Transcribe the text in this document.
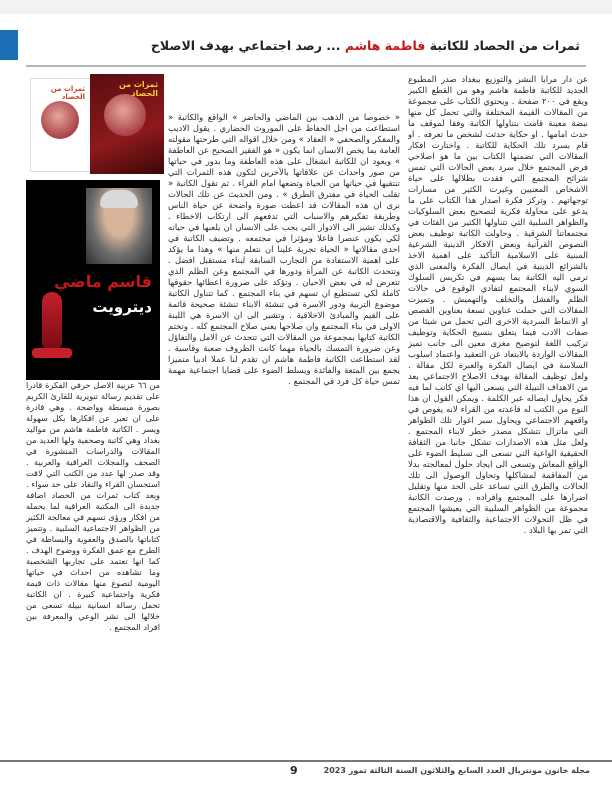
ثمرات من الحصاد للكاتبة فاطمة هاشم ... رصد اجتماعي بهدف الاصلاح

عن دار مرايا النشر والتوزيع ببغداد صدر المطبوع الجديد للكاتبة فاطمة هاشم وهو من القطع الكبير ويقع في ٢٠٠ صفحة . ويحتوي الكتاب على مجموعة من المقالات القيمة المختلفة والتي تحمل كل منها نبضة معينة قامت بتناولها الكاتبة وفقا لموقف ما حدث امامها . او حكاية حدثت لشخص ما تعرفه . او قام بسرد تلك الحكاية للكاتبة . واختارت افكار المقالات التي تضمنها الكتاب بين ما هو اصلاحي فرض المجتمع خلال سرد بعض الحالات التي تمس شرائح المجتمع التي فقدت بظلالها على حياة الاشخاص المعنيين وغيرت الكثير من مسارات توجهاتهم . وتركز فكرة اصدار هذا الكتاب على ما يدعو على محاولة فكرية لتصحيح بعض السلوكيات والظواهر السلبية التي تتناولها الكثير من الفئات في مجتمعاتنا الشرقية . وحاولت الكاتبة توظيف بعض النصوص القرآنية وبعض الافكار الدينية الشرعية المبنية على الاسلامية التأكيد على اهمية الاخذ بالشرائع الدينية في ايصال الفكرة والمعنى الذي ترمي اليه الكاتبة بما يسهم في تكريس السلوك السوي لابناء المجتمع لتفادي الوقوع في حالات الظلم والفشل والتخلف والتهميش . وتميزت المقالات التي حملت عناوين تسعة بعناوين القصص او الانماط السردية الاخرى التي تحمل من شيئا من صفات الادب فيما يتعلق بنسيج الحكاية وتوظيف تركيب اللغة لتوضيح مغزى معين الى جانب تميز المقالات الواردة بالابتعاد عن التعقيد واعتماد اسلوب السلاسة في ايصال الفكرة والعبرة لكل مقالة . ولعل توظيف المقالة بهدف الاصلاح الاجتماعي يعد من الاهداف النبيلة التي يسعى اليها اي كاتب لما فيه فكر يحاول ايصاله عبر الكلمة . ويمكن القول ان هذا النوع من الكتب له قاعدته من القراء لانه يغوص في واقعهم الاجتماعي ويحاول سبر اغوار تلك الظواهر التي ماتزال تتشكل مصدر خطر لابناء المجتمع . ولعل مثل هذه الاصدارات تشكل جانبا من الثقافة الحقيقية الواعية التي تسعى الى تسليط الضوء على الواقع المعاش وتسعى الى ايجاد حلول لمعالجته بدلا من المفاقمة لمشاكلها وتحاول الوصول الى تلك الحالات والطرق التي تساعد على الحد منها وتقليل اضرارها على المجتمع وافراده . ورصدت الكاتبة مجموعة من الظواهر السلبية التي يعيشها المجتمع في ظل التحولات الاجتماعية والثقافية والاقتصادية التي تمر بها البلاد .

« خصوصا من الذهب بين الماضي والحاضر » الواقع والكاتبة « استطاعت من اجل الحفاظ على الموروث الحضاري . يقول الاديب والمفكر والصحفي « العقاد » ومن خلال اقواله التي طرحتها مقولته العامة بما يخص الانسان انما يكون « هو الفقير الصحيح عن العاطفة » ويعود ان للكاتبة انشغال على هذه العاطفة وما يدور في حياتها من صور واحداث عن علاقاتها بالآخرين لتكون هذه الثمرات التي تنتقيها في حياتها من الحياة وتضعها امام القراء . ثم تقول الكاتبة « تقلب الحياة في مفترق الطرق » . ومن الحديث عن تلك الحالات نرى ان هذه المقالات قد اعطت صورة واضحة عن حياة الناس وطريقة تفكيرهم والاسباب التي تدفعهم الى ارتكاب الاخطاء . وكذلك تشير الى الادوار التي يجب على الانسان ان يلعبها في حياته لكي يكون عنصرا فاعلا ومؤثرا في مجتمعه . وتضيف الكاتبة في احدى مقالاتها « الحياة تجربة علينا ان نتعلم منها » وهذا ما يؤكد على اهمية الاستفادة من التجارب السابقة لبناء مستقبل افضل . وتتحدث الكاتبة عن المرأة ودورها في المجتمع وعن الظلم الذي تتعرض له في بعض الاحيان . وتؤكد على ضرورة اعطائها حقوقها كاملة لكي تستطيع ان تسهم في بناء المجتمع . كما تتناول الكاتبة موضوع التربية ودور الاسرة في تنشئة الابناء تنشئة صحيحة قائمة على القيم والمبادئ الاخلاقية . وتشير الى ان الاسرة هي اللبنة الاولى في بناء المجتمع وان صلاحها يعني صلاح المجتمع كله . وتختم الكاتبة كتابها بمجموعة من المقالات التي تتحدث عن الامل والتفاؤل وعن ضرورة التمسك بالحياة مهما كانت الظروف صعبة وقاسية . لقد استطاعت الكاتبة فاطمة هاشم ان تقدم لنا عملا ادبيا متميزا يجمع بين المتعة والفائدة ويسلط الضوء على قضايا اجتماعية مهمة تمس حياة كل فرد في المجتمع .

ثمرات من الحصاد
ثمرات من الحصاد
قاسم ماضي
ديترويت

من ٦٦ عربية الاصل حرفي الفكرة قادرا على تقديم رسالة تنويرية للقارئ الكريم بصورة مبسطة وواضحة . وهي قادرة على ان تعبر عن افكارها بكل سهولة ويسر . الكاتبة فاطمة هاشم من مواليد بغداد وهي كاتبة وصحفية ولها العديد من المقالات والدراسات المنشورة في الصحف والمجلات العراقية والعربية . وقد صدر لها عدد من الكتب التي لاقت استحسان القراء والنقاد على حد سواء . ويعد كتاب ثمرات من الحصاد اضافة جديدة الى المكتبة العراقية لما يحمله من افكار ورؤى تسهم في معالجة الكثير من الظواهر الاجتماعية السلبية . وتتميز كتاباتها بالصدق والعفوية والبساطة في الطرح مع عمق الفكرة ووضوح الهدف . كما انها تعتمد على تجاربها الشخصية وما تشاهده من احداث في حياتها اليومية لتصوغ منها مقالات ذات قيمة فكرية واجتماعية كبيرة . ان الكاتبة تحمل رسالة انسانية نبيلة تسعى من خلالها الى نشر الوعي والمعرفة بين افراد المجتمع .

9	مجلة خانون مونتريال العدد السابع والثلاثون السنة الثالثة تموز 2023
